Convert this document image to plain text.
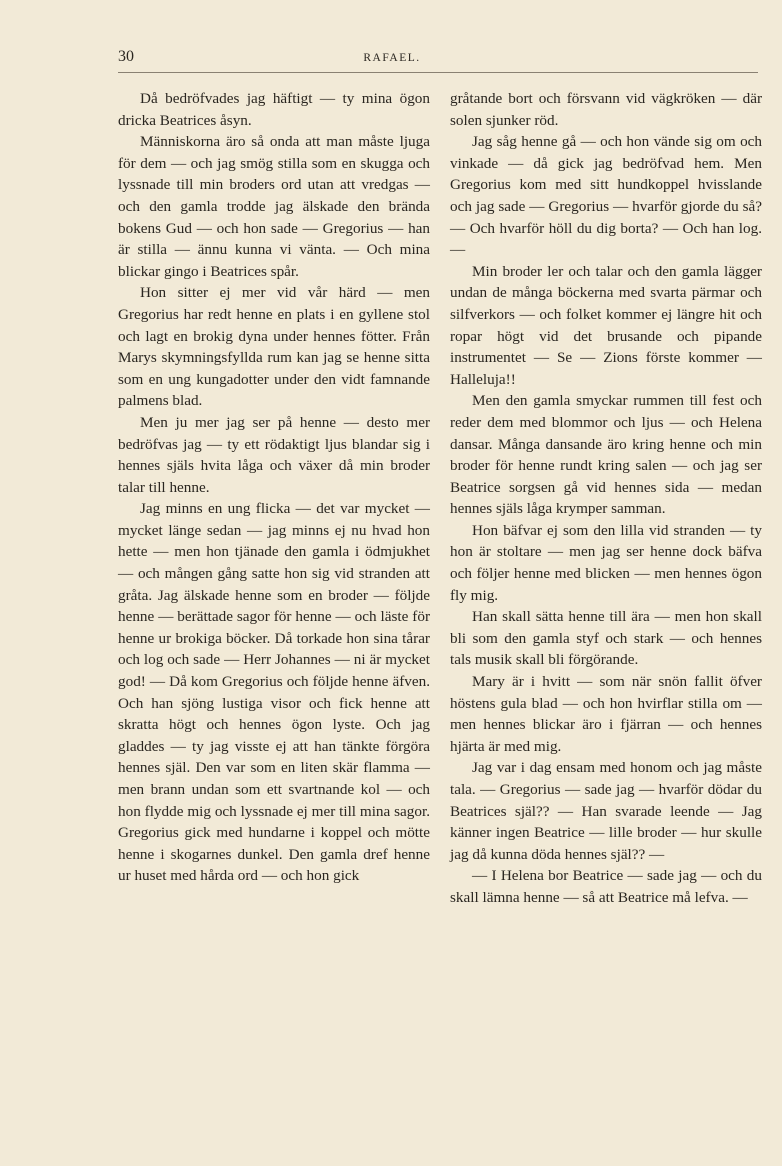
30	RAFAEL.

Då bedröfvades jag häftigt — ty mina ögon dricka Beatrices åsyn.

Människorna äro så onda att man måste ljuga för dem — och jag smög stilla som en skugga och lyssnade till min broders ord utan att vredgas — och den gamla trodde jag älskade den brända bokens Gud — och hon sade — Gregorius — han är stilla — ännu kunna vi vänta. — Och mina blickar gingo i Beatrices spår.

Hon sitter ej mer vid vår härd — men Gregorius har redt henne en plats i en gyllene stol och lagt en brokig dyna under hennes fötter. Från Marys skymningsfyllda rum kan jag se henne sitta som en ung kungadotter under den vidt famnande palmens blad.

Men ju mer jag ser på henne — desto mer bedröfvas jag — ty ett rödaktigt ljus blandar sig i hennes själs hvita låga och växer då min broder talar till henne.

Jag minns en ung flicka — det var mycket — mycket länge sedan — jag minns ej nu hvad hon hette — men hon tjänade den gamla i ödmjukhet — och mången gång satte hon sig vid stranden att gråta. Jag älskade henne som en broder — följde henne — berättade sagor för henne — och läste för henne ur brokiga böcker. Då torkade hon sina tårar och log och sade — Herr Johannes — ni är mycket god! — Då kom Gregorius och följde henne äfven. Och han sjöng lustiga visor och fick henne att skratta högt och hennes ögon lyste. Och jag gladdes — ty jag visste ej att han tänkte förgöra hennes själ. Den var som en liten skär flamma — men brann undan som ett svartnande kol — och hon flydde mig och lyssnade ej mer till mina sagor. Gregorius gick med hundarne i koppel och mötte henne i skogarnes dunkel. Den gamla dref henne ur huset med hårda ord — och hon gick

gråtande bort och försvann vid vägkröken — där solen sjunker röd.

Jag såg henne gå — och hon vände sig om och vinkade — då gick jag bedröfvad hem. Men Gregorius kom med sitt hundkoppel hvisslande och jag sade — Gregorius — hvarför gjorde du så? — Och hvarför höll du dig borta? — Och han log. —

Min broder ler och talar och den gamla lägger undan de många böckerna med svarta pärmar och silfverkors — och folket kommer ej längre hit och ropar högt vid det brusande och pipande instrumentet — Se — Zions förste kommer — Halleluja!!

Men den gamla smyckar rummen till fest och reder dem med blommor och ljus — och Helena dansar. Många dansande äro kring henne och min broder för henne rundt kring salen — och jag ser Beatrice sorgsen gå vid hennes sida — medan hennes själs låga krymper samman.

Hon bäfvar ej som den lilla vid stranden — ty hon är stoltare — men jag ser henne dock bäfva och följer henne med blicken — men hennes ögon fly mig.

Han skall sätta henne till ära — men hon skall bli som den gamla styf och stark — och hennes tals musik skall bli förgörande.

Mary är i hvitt — som när snön fallit öfver höstens gula blad — och hon hvirflar stilla om — men hennes blickar äro i fjärran — och hennes hjärta är med mig.

Jag var i dag ensam med honom och jag måste tala. — Gregorius — sade jag — hvarför dödar du Beatrices själ?? — Han svarade leende — Jag känner ingen Beatrice — lille broder — hur skulle jag då kunna döda hennes själ?? —

— I Helena bor Beatrice — sade jag — och du skall lämna henne — så att Beatrice må lefva. —
